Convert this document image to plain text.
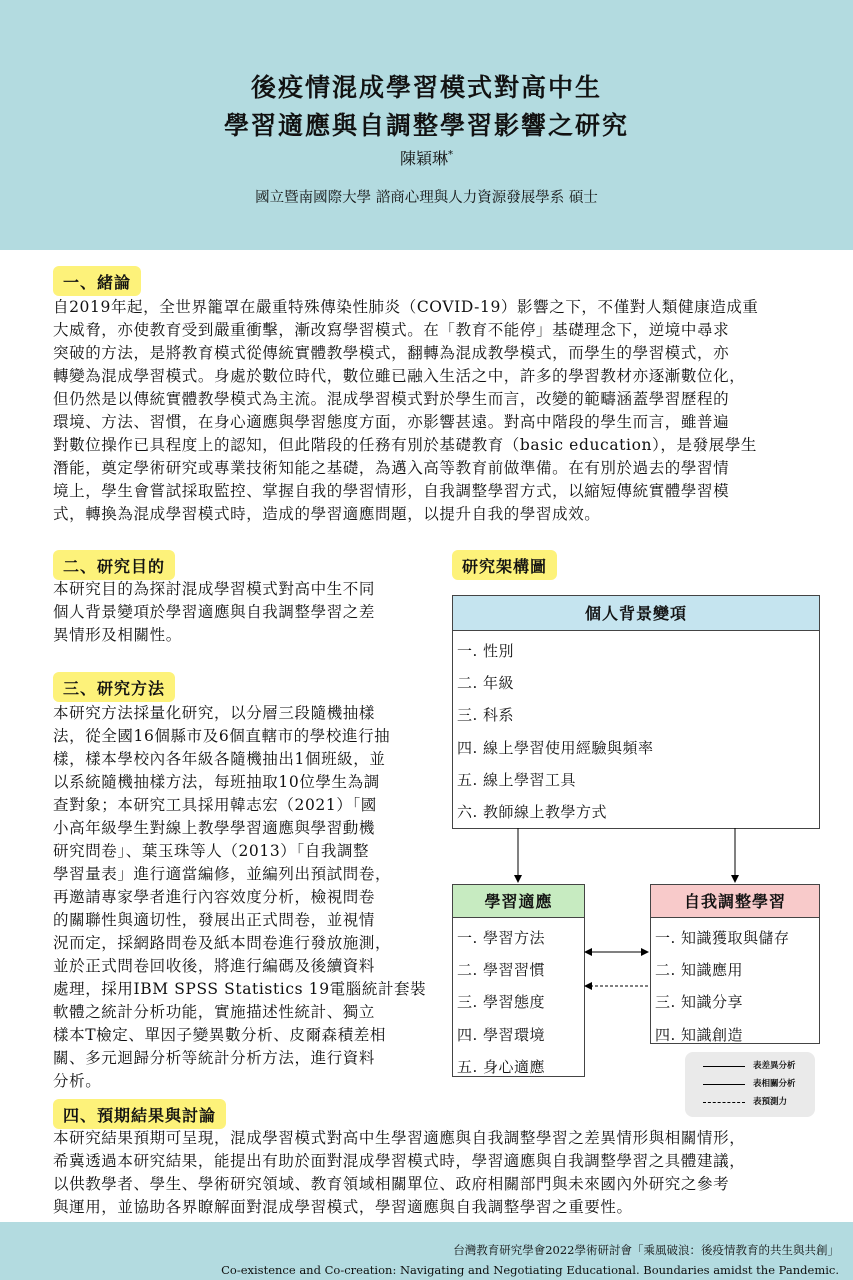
後疫情混成學習模式對高中生
學習適應與自調整學習影響之研究
陳穎琳*
國立暨南國際大學 諮商心理與人力資源發展學系 碩士
一、緒論
自2019年起，全世界籠罩在嚴重特殊傳染性肺炎（COVID-19）影響之下，不僅對人類健康造成重
大威脅，亦使教育受到嚴重衝擊，漸改寫學習模式。在「教育不能停」基礎理念下，逆境中尋求
突破的方法，是將教育模式從傳統實體教學模式，翻轉為混成教學模式，而學生的學習模式，亦
轉變為混成學習模式。身處於數位時代，數位雖已融入生活之中，許多的學習教材亦逐漸數位化，
但仍然是以傳統實體教學模式為主流。混成學習模式對於學生而言，改變的範疇涵蓋學習歷程的
環境、方法、習慣，在身心適應與學習態度方面，亦影響甚遠。對高中階段的學生而言，雖普遍
對數位操作已具程度上的認知，但此階段的任務有別於基礎教育（basic education），是發展學生
潛能，奠定學術研究或專業技術知能之基礎，為邁入高等教育前做準備。在有別於過去的學習情
境上，學生會嘗試採取監控、掌握自我的學習情形，自我調整學習方式，以縮短傳統實體學習模
式，轉換為混成學習模式時，造成的學習適應問題，以提升自我的學習成效。
二、研究目的
本研究目的為探討混成學習模式對高中生不同
個人背景變項於學習適應與自我調整學習之差
異情形及相關性。
三、研究方法
本研究方法採量化研究，以分層三段隨機抽樣
法，從全國16個縣市及6個直轄市的學校進行抽
樣，樣本學校內各年級各隨機抽出1個班級，並
以系統隨機抽樣方法，每班抽取10位學生為調
查對象；本研究工具採用韓志宏（2021）「國
小高年級學生對線上教學學習適應與學習動機
研究問卷」、葉玉珠等人（2013）「自我調整
學習量表」進行適當編修，並編列出預試問卷，
再邀請專家學者進行內容效度分析，檢視問卷
的關聯性與適切性，發展出正式問卷，並視情
況而定，採網路問卷及紙本問卷進行發放施測，
並於正式問卷回收後，將進行編碼及後續資料
處理，採用IBM SPSS Statistics 19電腦統計套裝
軟體之統計分析功能，實施描述性統計、獨立
樣本T檢定、單因子變異數分析、皮爾森積差相
關、多元迴歸分析等統計分析方法，進行資料
分析。
研究架構圖
個人背景變項
一. 性別
二. 年級
三. 科系
四. 線上學習使用經驗與頻率
五. 線上學習工具
六. 教師線上教學方式
學習適應
一. 學習方法
二. 學習習慣
三. 學習態度
四. 學習環境
五. 身心適應
自我調整學習
一. 知識獲取與儲存
二. 知識應用
三. 知識分享
四. 知識創造
表差異分析
表相關分析
表預測力
四、預期結果與討論
本研究結果預期可呈現，混成學習模式對高中生學習適應與自我調整學習之差異情形與相關情形，
希冀透過本研究結果，能提出有助於面對混成學習模式時，學習適應與自我調整學習之具體建議，
以供教學者、學生、學術研究領域、教育領域相關單位、政府相關部門與未來國內外研究之參考
與運用，並協助各界瞭解面對混成學習模式，學習適應與自我調整學習之重要性。
台灣教育研究學會2022學術研討會「乘風破浪：後疫情教育的共生與共創」
Co-existence and Co-creation: Navigating and Negotiating Educational. Boundaries amidst the Pandemic.
